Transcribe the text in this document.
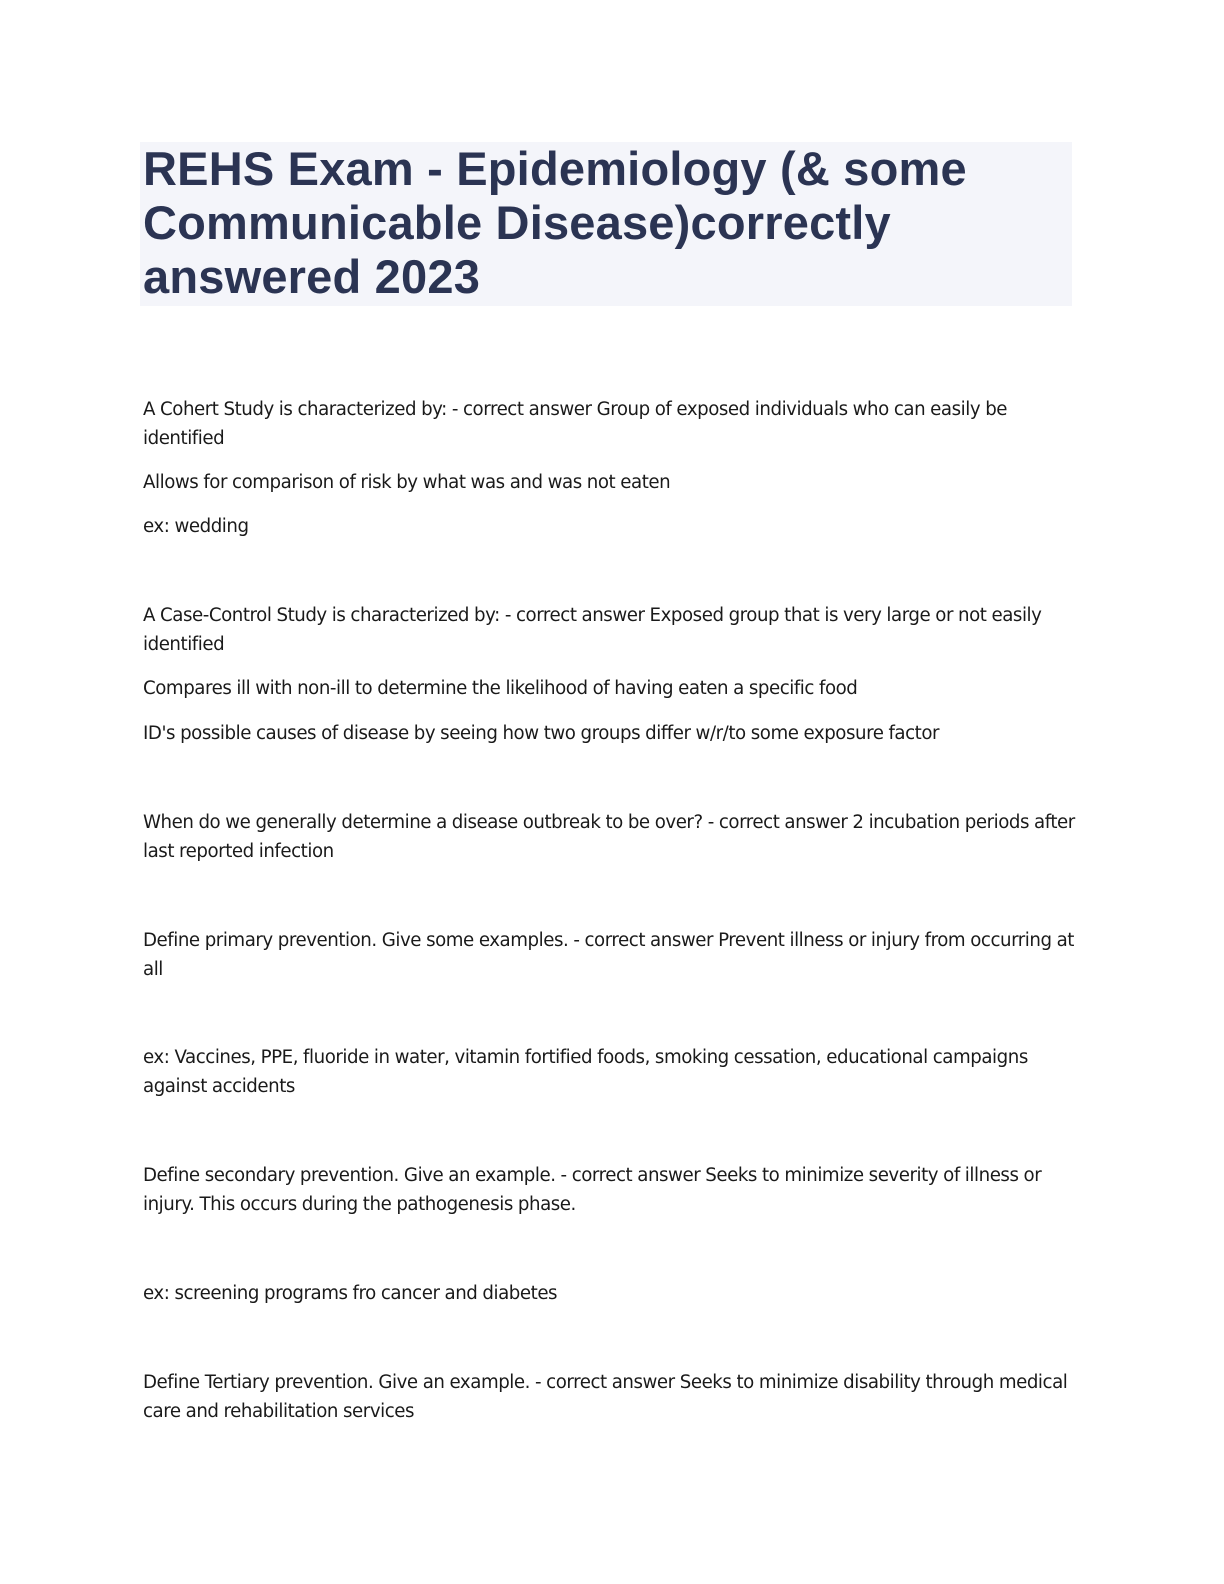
REHS Exam - Epidemiology (& some Communicable Disease)correctly answered 2023

A Cohert Study is characterized by: - correct answer Group of exposed individuals who can easily be identified

Allows for comparison of risk by what was and was not eaten

ex: wedding

A Case-Control Study is characterized by: - correct answer Exposed group that is very large or not easily identified

Compares ill with non-ill to determine the likelihood of having eaten a specific food

ID's possible causes of disease by seeing how two groups differ w/r/to some exposure factor

When do we generally determine a disease outbreak to be over? - correct answer 2 incubation periods after last reported infection

Define primary prevention. Give some examples. - correct answer Prevent illness or injury from occurring at all

ex: Vaccines, PPE, fluoride in water, vitamin fortified foods, smoking cessation, educational campaigns against accidents

Define secondary prevention. Give an example. - correct answer Seeks to minimize severity of illness or injury. This occurs during the pathogenesis phase.

ex: screening programs fro cancer and diabetes

Define Tertiary prevention. Give an example. - correct answer Seeks to minimize disability through medical care and rehabilitation services
